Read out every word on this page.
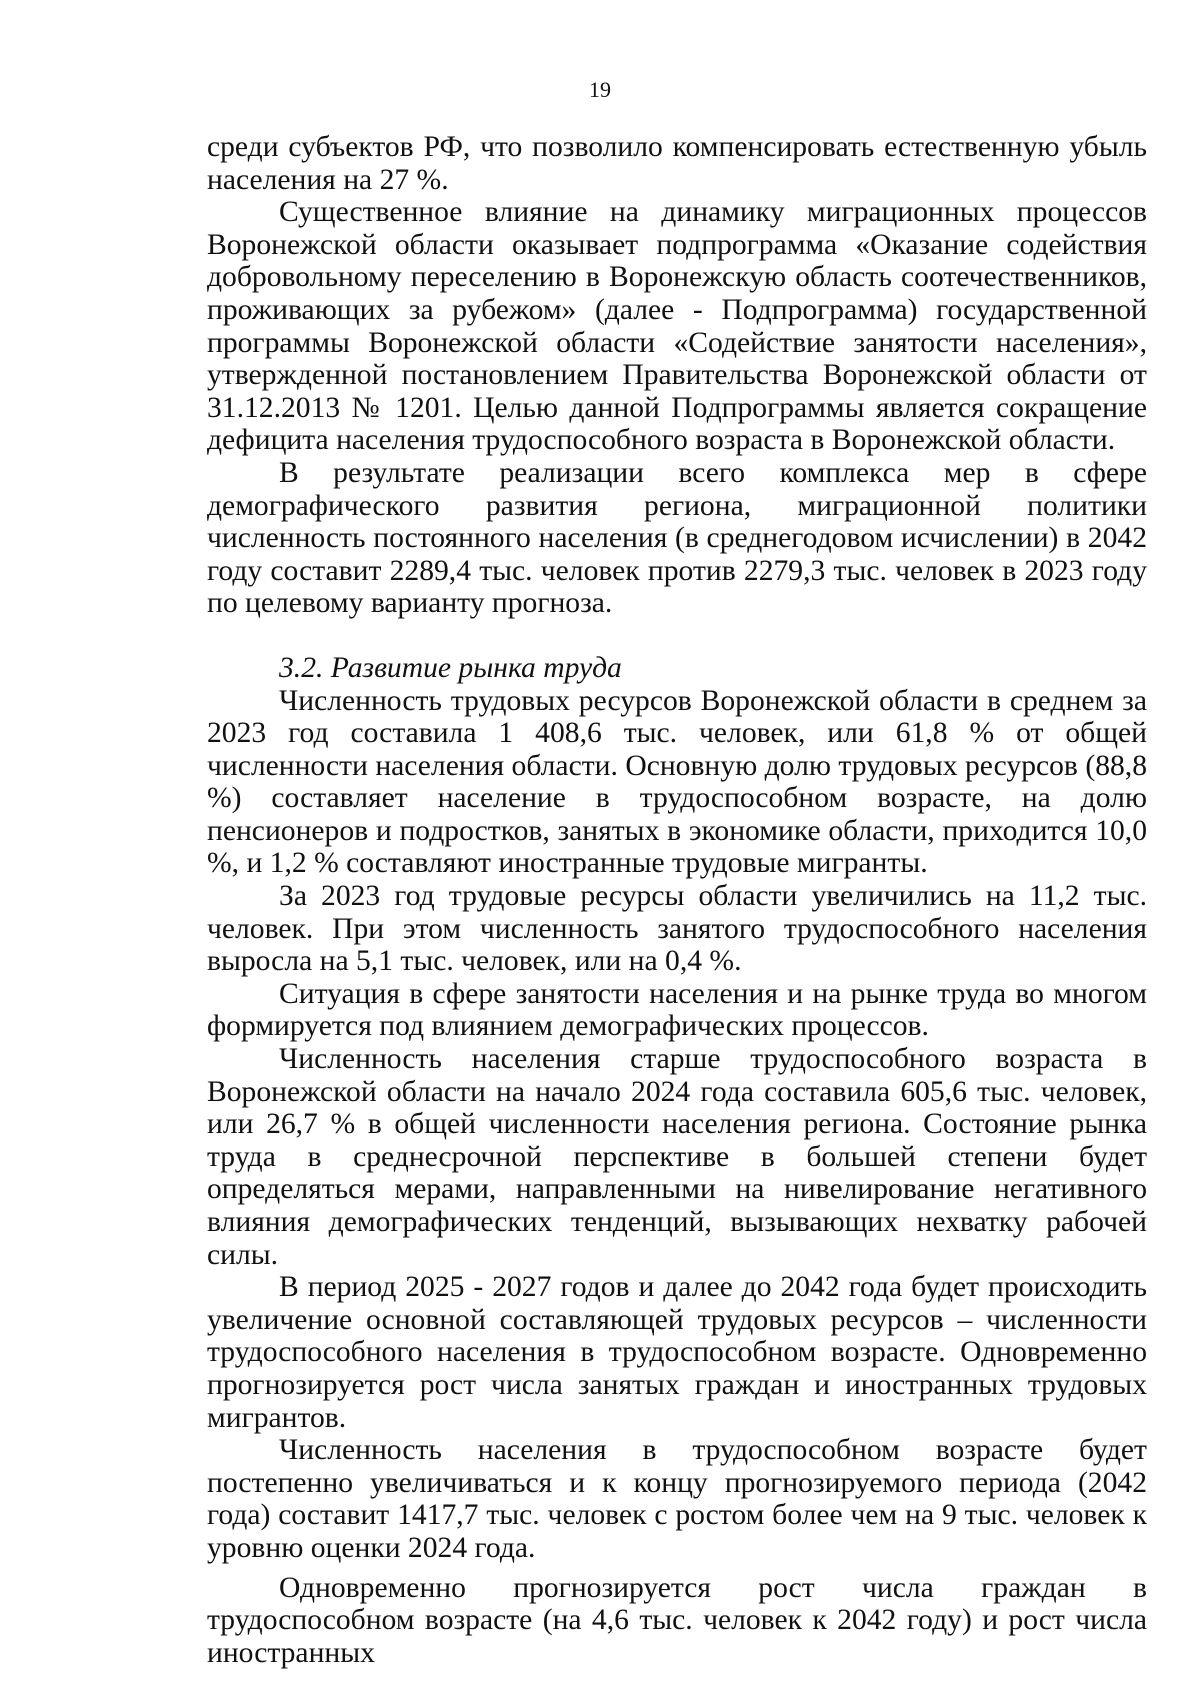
19

среди субъектов РФ, что позволило компенсировать естественную убыль населения на 27 %.

Существенное влияние на динамику миграционных процессов Воронежской области оказывает подпрограмма «Оказание содействия добровольному переселению в Воронежскую область соотечественников, проживающих за рубежом» (далее - Подпрограмма) государственной программы Воронежской области «Содействие занятости населения», утвержденной постановлением Правительства Воронежской области от 31.12.2013 № 1201. Целью данной Подпрограммы является сокращение дефицита населения трудоспособного возраста в Воронежской области.

В результате реализации всего комплекса мер в сфере демографического развития региона, миграционной политики численность постоянного населения (в среднегодовом исчислении) в 2042 году составит 2289,4 тыс. человек против 2279,3 тыс. человек в 2023 году по целевому варианту прогноза.

3.2. Развитие рынка труда

Численность трудовых ресурсов Воронежской области в среднем за 2023 год составила 1 408,6 тыс. человек, или 61,8 % от общей численности населения области. Основную долю трудовых ресурсов (88,8 %) составляет население в трудоспособном возрасте, на долю пенсионеров и подростков, занятых в экономике области, приходится 10,0 %, и 1,2 % составляют иностранные трудовые мигранты.

За 2023 год трудовые ресурсы области увеличились на 11,2 тыс. человек. При этом численность занятого трудоспособного населения выросла на 5,1 тыс. человек, или на 0,4 %.

Ситуация в сфере занятости населения и на рынке труда во многом формируется под влиянием демографических процессов.

Численность населения старше трудоспособного возраста в Воронежской области на начало 2024 года составила 605,6 тыс. человек, или 26,7 % в общей численности населения региона. Состояние рынка труда в среднесрочной перспективе в большей степени будет определяться мерами, направленными на нивелирование негативного влияния демографических тенденций, вызывающих нехватку рабочей силы.

В период 2025 - 2027 годов и далее до 2042 года будет происходить увеличение основной составляющей трудовых ресурсов – численности трудоспособного населения в трудоспособном возрасте. Одновременно прогнозируется рост числа занятых граждан и иностранных трудовых мигрантов.

Численность населения в трудоспособном возрасте будет постепенно увеличиваться и к концу прогнозируемого периода (2042 года) составит 1417,7 тыс. человек с ростом более чем на 9 тыс. человек к уровню оценки 2024 года.

Одновременно прогнозируется рост числа граждан в трудоспособном возрасте (на 4,6 тыс. человек к 2042 году) и рост числа иностранных
